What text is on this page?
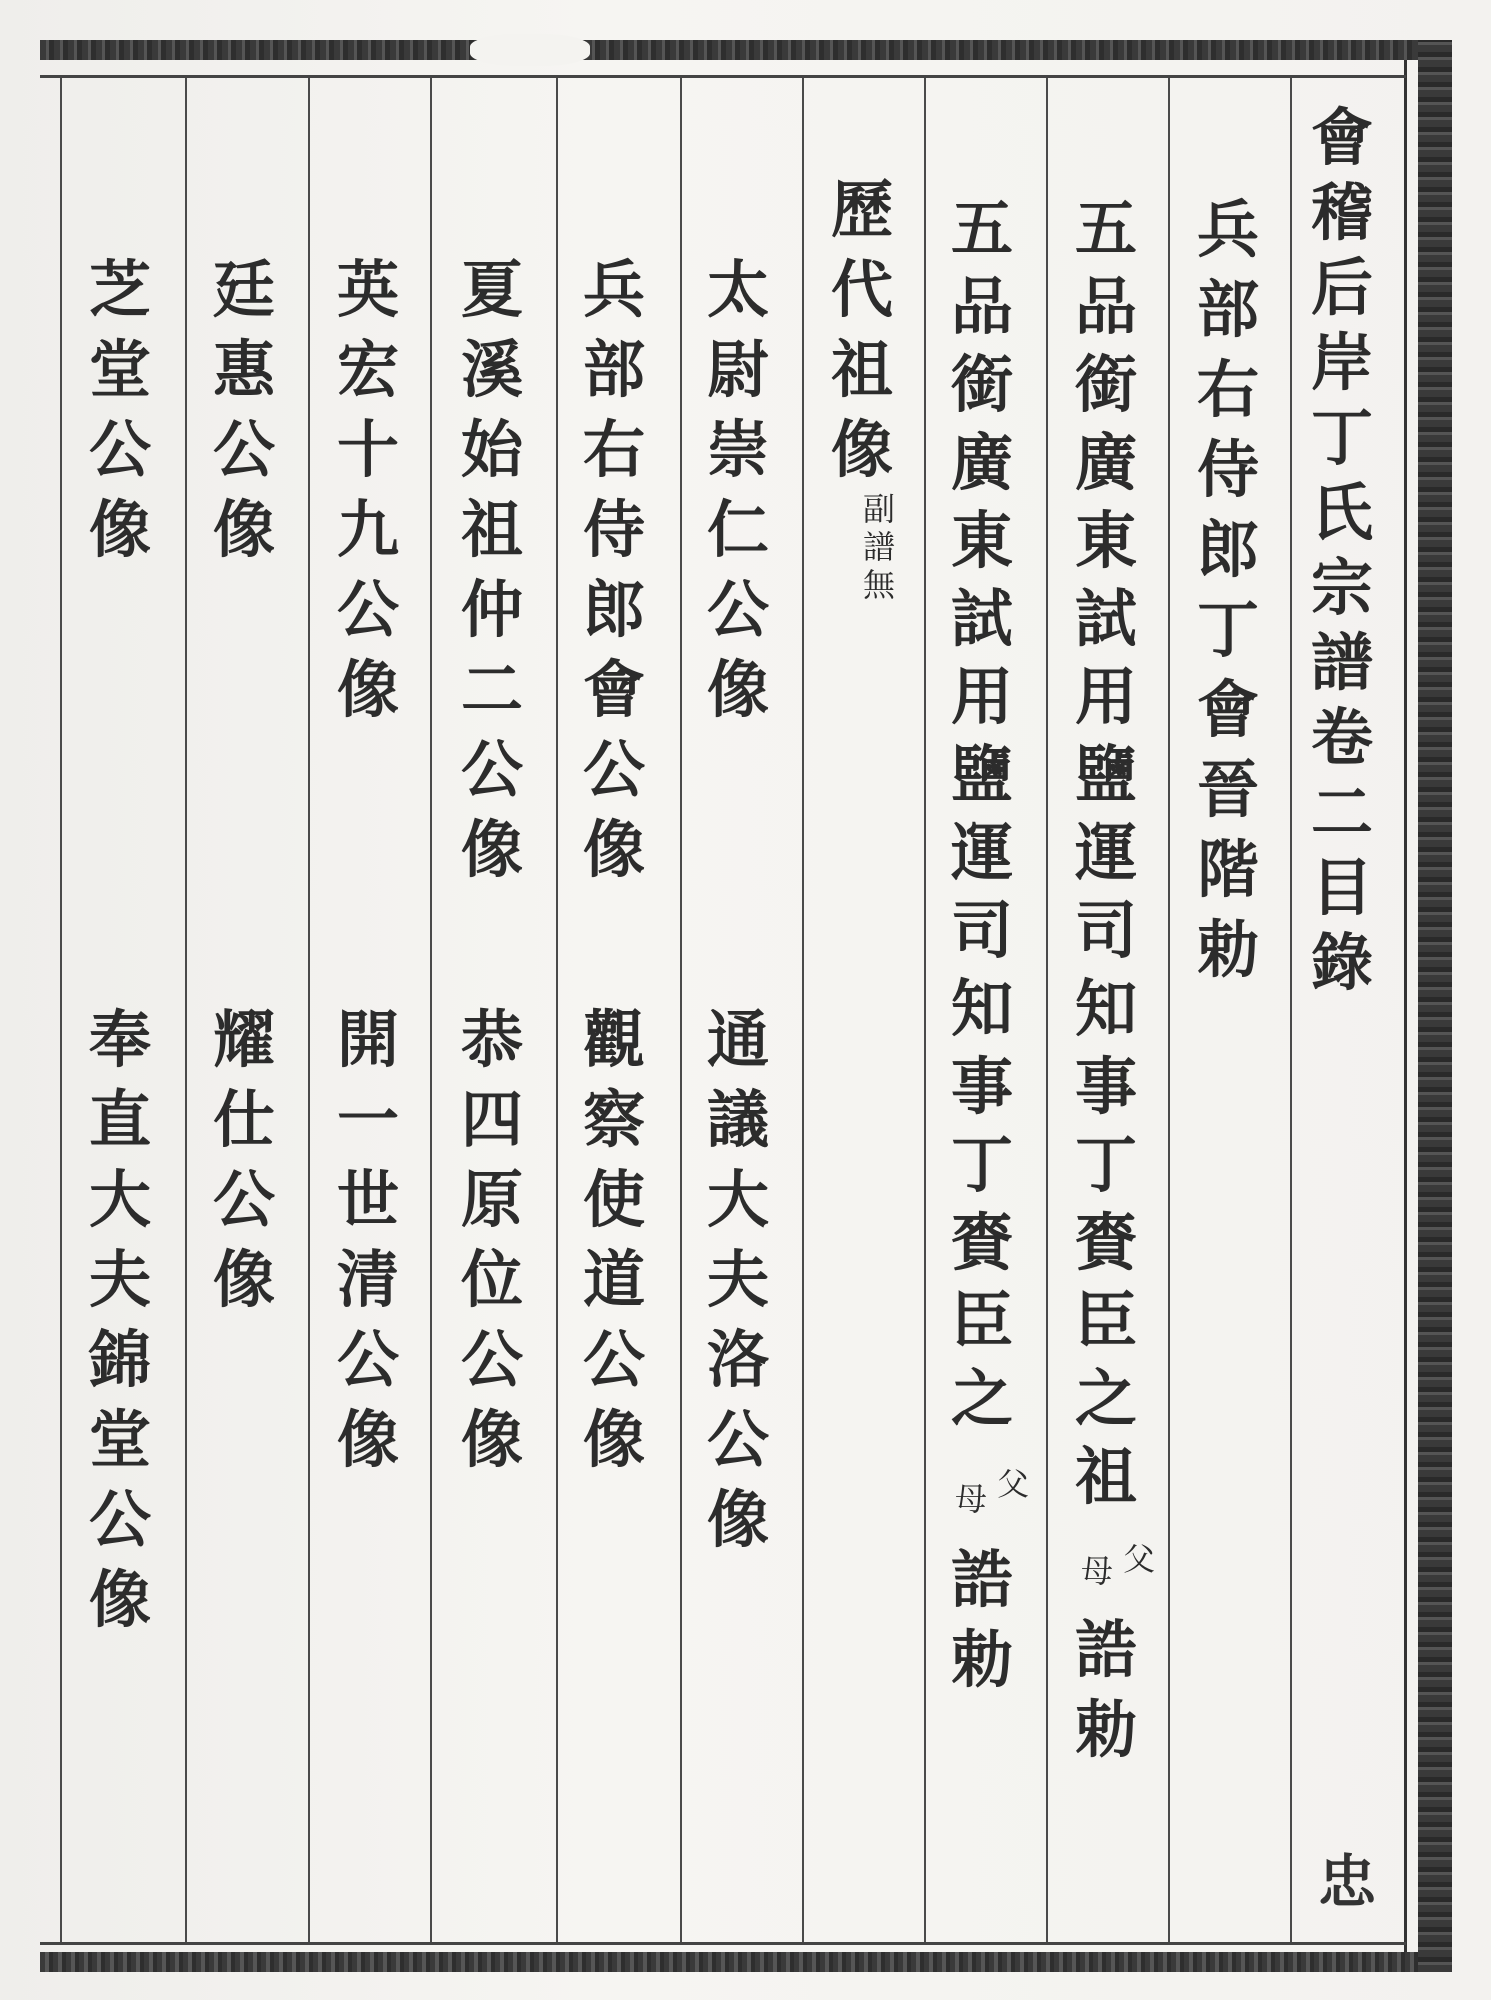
會
稽
后
岸
丁
氏
宗
譜
卷
二
目
錄
兵
部
右
侍
郎
丁
會
晉
階
勅
五
品
銜
廣
東
試
用
鹽
運
司
知
事
丁
賚
臣
之
祖
父
母
誥
勅
五
品
銜
廣
東
試
用
鹽
運
司
知
事
丁
賚
臣
之
父
母
誥
勅
歷
代
祖
像
副
譜
無
太
尉
崇
仁
公
像
通
議
大
夫
洛
公
像
兵
部
右
侍
郎
會
公
像
觀
察
使
道
公
像
夏
溪
始
祖
仲
二
公
像
恭
四
原
位
公
像
英
宏
十
九
公
像
開
一
世
清
公
像
廷
惠
公
像
耀
仕
公
像
芝
堂
公
像
奉
直
大
夫
錦
堂
公
像
忠
